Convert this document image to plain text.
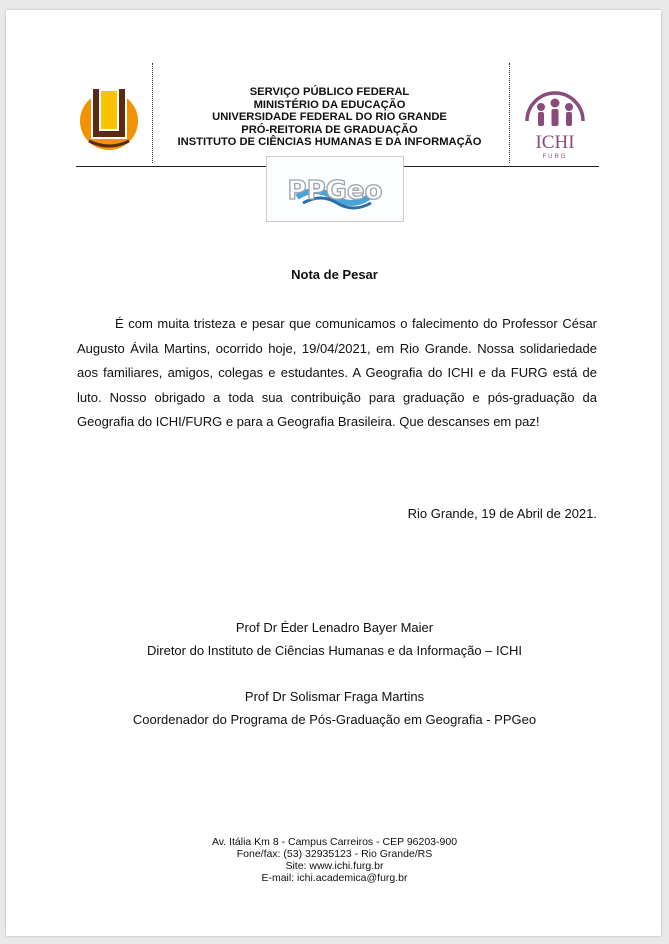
SERVIÇO PÚBLICO FEDERAL
MINISTÉRIO DA EDUCAÇÃO
UNIVERSIDADE FEDERAL DO RIO GRANDE
PRÓ-REITORIA DE GRADUAÇÃO
INSTITUTO DE CIÊNCIAS HUMANAS E DA INFORMAÇÃO	ICHI
FURG
PPGeo
Nota de Pesar
É com muita tristeza e pesar que comunicamos o falecimento do Professor César Augusto Ávila Martins, ocorrido hoje, 19/04/2021, em Rio Grande. Nossa solidariedade aos familiares, amigos, colegas e estudantes. A Geografia do ICHI e da FURG está de luto. Nosso obrigado a toda sua contribuição para graduação e pós-graduação da Geografia do ICHI/FURG e para a Geografia Brasileira. Que descanses em paz!
Rio Grande, 19 de Abril de 2021.
Prof Dr Éder Lenadro Bayer Maier
Diretor do Instituto de Ciências Humanas e da Informação – ICHI
Prof Dr Solismar Fraga Martins
Coordenador do Programa de Pós-Graduação em Geografia - PPGeo
Av. Itália Km 8 - Campus Carreiros - CEP 96203-900
Fone/fax: (53) 32935123 - Rio Grande/RS
Site: www.ichi.furg.br
E-mail: ichi.academica@furg.br
